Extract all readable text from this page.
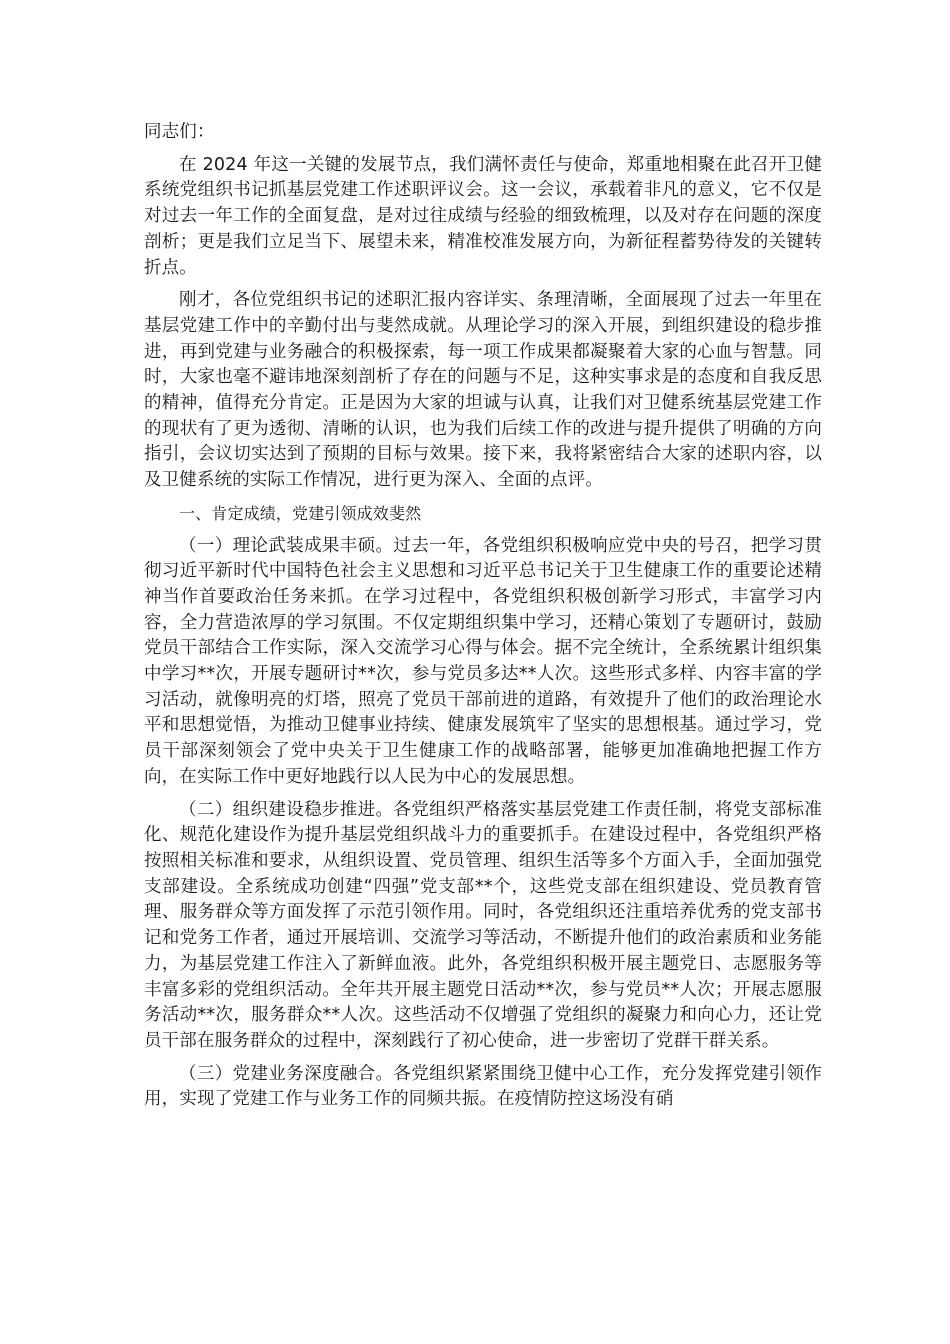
同志们：

在 2024 年这一关键的发展节点，我们满怀责任与使命，郑重地相聚在此召开卫健系统党组织书记抓基层党建工作述职评议会。这一会议，承载着非凡的意义，它不仅是对过去一年工作的全面复盘，是对过往成绩与经验的细致梳理，以及对存在问题的深度剖析；更是我们立足当下、展望未来，精准校准发展方向，为新征程蓄势待发的关键转折点。

刚才，各位党组织书记的述职汇报内容详实、条理清晰，全面展现了过去一年里在基层党建工作中的辛勤付出与斐然成就。从理论学习的深入开展，到组织建设的稳步推进，再到党建与业务融合的积极探索，每一项工作成果都凝聚着大家的心血与智慧。同时，大家也毫不避讳地深刻剖析了存在的问题与不足，这种实事求是的态度和自我反思的精神，值得充分肯定。正是因为大家的坦诚与认真，让我们对卫健系统基层党建工作的现状有了更为透彻、清晰的认识，也为我们后续工作的改进与提升提供了明确的方向指引，会议切实达到了预期的目标与效果。接下来，我将紧密结合大家的述职内容，以及卫健系统的实际工作情况，进行更为深入、全面的点评。

一、肯定成绩，党建引领成效斐然

（一）理论武装成果丰硕。过去一年，各党组织积极响应党中央的号召，把学习贯彻习近平新时代中国特色社会主义思想和习近平总书记关于卫生健康工作的重要论述精神当作首要政治任务来抓。在学习过程中，各党组织积极创新学习形式，丰富学习内容，全力营造浓厚的学习氛围。不仅定期组织集中学习，还精心策划了专题研讨，鼓励党员干部结合工作实际，深入交流学习心得与体会。据不完全统计，全系统累计组织集中学习**次，开展专题研讨**次，参与党员多达**人次。这些形式多样、内容丰富的学习活动，就像明亮的灯塔，照亮了党员干部前进的道路，有效提升了他们的政治理论水平和思想觉悟，为推动卫健事业持续、健康发展筑牢了坚实的思想根基。通过学习，党员干部深刻领会了党中央关于卫生健康工作的战略部署，能够更加准确地把握工作方向，在实际工作中更好地践行以人民为中心的发展思想。

（二）组织建设稳步推进。各党组织严格落实基层党建工作责任制，将党支部标准化、规范化建设作为提升基层党组织战斗力的重要抓手。在建设过程中，各党组织严格按照相关标准和要求，从组织设置、党员管理、组织生活等多个方面入手，全面加强党支部建设。全系统成功创建“四强”党支部**个，这些党支部在组织建设、党员教育管理、服务群众等方面发挥了示范引领作用。同时，各党组织还注重培养优秀的党支部书记和党务工作者，通过开展培训、交流学习等活动，不断提升他们的政治素质和业务能力，为基层党建工作注入了新鲜血液。此外，各党组织积极开展主题党日、志愿服务等丰富多彩的党组织活动。全年共开展主题党日活动**次，参与党员**人次；开展志愿服务活动**次，服务群众**人次。这些活动不仅增强了党组织的凝聚力和向心力，还让党员干部在服务群众的过程中，深刻践行了初心使命，进一步密切了党群干群关系。

（三）党建业务深度融合。各党组织紧紧围绕卫健中心工作，充分发挥党建引领作用，实现了党建工作与业务工作的同频共振。在疫情防控这场没有硝
